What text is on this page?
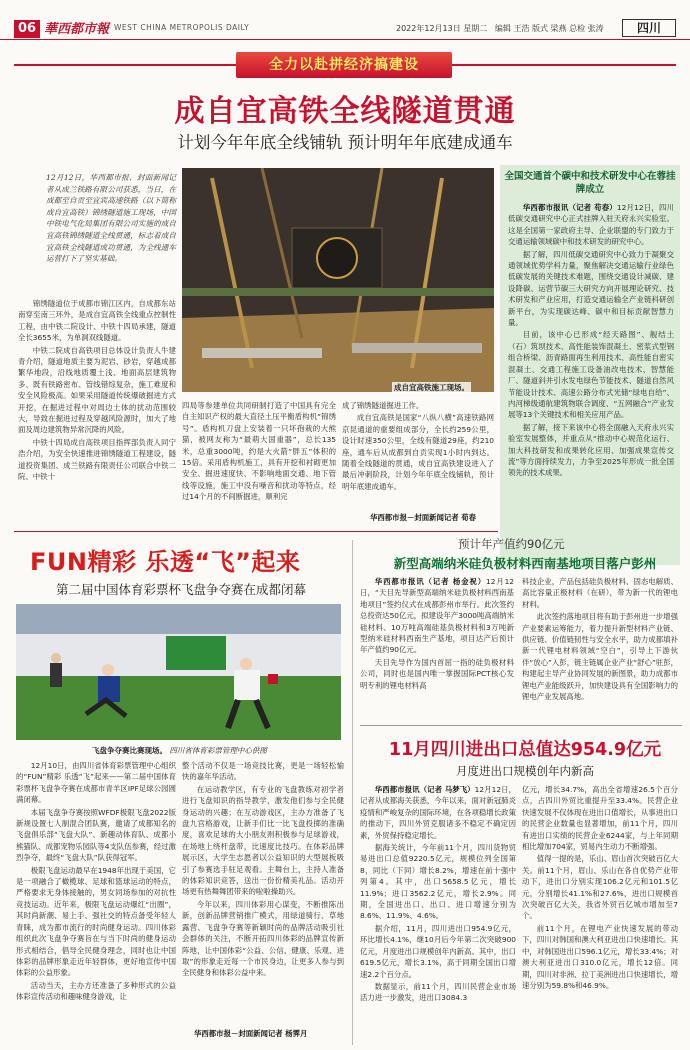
06 華西都市報 WEST CHINA METROPOLIS DAILY	2022年12月13日 星期二 编辑 王浩 版式 梁燕 总检 张涛	四川
全力以赴拼经济搞建设
成自宜高铁全线隧道贯通
计划今年年底全线铺轨 预计明年年底建成通车
12月12日，华西都市报、封面新闻记者从成兰铁路有限公司获悉，当日，在成都至自贡至宜宾高速铁路（以下简称成自宜高铁）锦绣隧道施工现场，中国中铁电气化局集团有限公司实施的成自宜高铁锦绣隧道全线贯通，标志着成自宜高铁全线隧道成功贯通，为全线通车运营打下了坚实基础。

锦绣隧道位于成都市锦江区内，自成都东站南穿至南三环外，是成自宜高铁全线重点控制性工程，由中铁二院设计、中铁十四局承建，隧道全长3655米，为单洞双线隧道。

中铁二院成自高铁项目总体设计负责人牛建青介绍，隧道地质主要为泥岩、砂岩，穿越成都繁华地段，沿线地质覆土浅、地面高层建筑物多、既有铁路密布、管线错综复杂，施工难度和安全风险极高。如果采用隧道传统爆破掘进方式开挖，在掘进过程中对周边土体的扰动范围较大，导致在掘进过程及穿越风险源时，加大了地面及周边建筑物异常沉降的风险。

中铁十四局成自高铁项目指挥部负责人同宁浩介绍，为安全快速推进锦绣隧道工程建设，隧道投资集团、成兰铁路有限责任公司联合中铁二院、中铁十

成自宜高铁施工现场。

四局等参建单位共同研制打造了中国具有完全自主知识产权的最大直径土压平衡盾构机“锦绣号”。盾构机刀盘上安装着一只坏孢栽的大熊猫，被网友称为“最萌大国重器”，总长135米，总重3000吨，约是大火箭“胖五”体积的15倍。采用盾构机施工，具有开挖和衬砌更加安全、掘进速度快、不影响地面交通、地下管线等设施，施工中没有噪音和扰动等特点，经过14个月的不间断掘进，顺利完

成了锦绣隧道掘进工作。

成自宜高铁是国家“八纵八横”高速铁路网京昆通道的重要组成部分，全长约259公里，设计时速350公里，全线有隧道29座，约210座，通车后从成都到自贡实现1小时内到达。随着全线隧道的贯通，成自宜高铁建设进入了最后冲刺阶段，计划今年年底全线铺轨，预计明年底建成通车。

华西都市报－封面新闻记者 荀春
全国交通首个碳中和技术研发中心在蓉挂牌成立

华西都市报讯（记者 苟春）12月12日，四川低碳交通研究中心正式挂牌入驻天府永兴实验室。这是全国第一家政府主导、企业联盟的专门致力于交通运输领域碳中和技术研发的研究中心。

据了解，四川低碳交通研究中心致力于凝聚交通领域优势学科力量，聚焦解决交通运输行业绿色低碳发展的关键技术难题，围绕交通设计减碳、建设降碳、运营节碳三大研究方向开展理论研究、技术研发和产业应用，打造交通运输全产业链科研创新平台，为实现碳达峰、碳中和目标贡献智慧力量。

目前，该中心已形成“经天路图”、舰结土（石）筑坝技术、高性能装饰混凝土、密浆式型钢组合桥梁、沥青路面再生利用技术、高性能自密实混凝土、交通工程施工设备油改电技术、智慧能厂、隧道斜井引水发电绿色节能技术、隧道自然风节能设计技术、高速公路分布式光储“绿电自给”、内河梯级通航建筑物联合调度、“五网融合”产业发展等13个关键技术和相关应用产品。

据了解，接下来该中心将全面融入天府永兴实验室发展整体，并重点从“推动中心规范化运行、加大科技研发和成果转化应用、加强成果宣传交流”等方面持续发力，力争至2025年形成一批全国领先的技术成果。

FUN精彩 乐透“飞”起来
第二届中国体育彩票杯飞盘争夺赛在成都闭幕
飞盘争夺赛比赛现场。 四川省体育彩票管理中心供图

12月10日，由四川省体育彩票管理中心组织的“FUN”精彩 乐透“飞”起来——第二届中国体育彩票杯飞盘争夺赛在成都市青羊区IPF足球公园圆满闭幕。

本届飞盘争夺赛按照WFDF极限飞盘2022版新规设置七人制混合团队赛，邀请了成都知名的飞盘俱乐部“飞盘大队”、新趣动体育队、成都小熊猫队、成都宠物乐园队等4支队伍参赛，经过激烈争夺，最终“飞盘大队”队获得冠军。

极限飞盘运动最早在1948年出现于美国，它是一项融合了橄榄球、足球和篮球运动的特点，严格要求无身体接触的，男女同场参加的对抗性竞技运动。近年来，极限飞盘运动爆红“出圈”，其时尚新潮、易上手、强社交的特点备受年轻人青睐，成为都市流行的时尚健身运动。四川体彩组织此次飞盘争夺赛旨在与当下时尚的健身运动形式相结合，倡导全民健身理念，同时也让中国体彩的品牌形象走近年轻群体，更好地宣传中国体彩的公益形象。

活动当天，主办方还准备了多种形式的公益体彩宣传活动和趣味健身游戏，让

整个活动不仅是一场竞技比赛，更是一场轻松愉快的嘉年华活动。

在运动教学区，有专业的飞盘教练对初学者进行飞盘知识的指导教学，激发他们参与全民健身运动的兴趣；在互动游戏区，主办方准备了飞盘九宫格游戏，让新手们比一比飞盘投掷的准确度，喜欢足球的大小朋友则积极参与足球游戏，在场地上绕杆盘带，比速度比技巧。在体彩品牌展示区，大学生志愿者以公益知识的大型展板吸引了参赛选手驻足观看。主舞台上，主持人准备的体彩知识竞答，送出一份份精美礼品。活动开场更有热舞舞团带来的啦啦操助兴。

今年以来，四川体彩用心谋变，不断推陈出新，创新品牌营销推广模式，用绿道骑行、草地露营、飞盘争夺赛等新颖时尚的品牌活动吸引社会群体的关注，不断开拓四川体彩的品牌宣传新阵地，让中国体彩“公益、公信、健康、乐观、进取”的形象走近每一个市民身边，让更多人参与到全民健身和体彩公益中来。

华西都市报－封面新闻记者 杨霁月
预计年产值约90亿元
新型高端纳米硅负极材料西南基地项目落户彭州

华西都市报讯（记者 杨金祝）12月12日，“天目先导新型高端纳米硅负极材料西南基地项目”签约仪式在成都彭州市举行。此次签约总投资达50亿元，拟建设年产3000吨高端纳米硅材料、10万吨高端硅基负极材料和3万吨新型纳米硅材料西南生产基地，项目达产后预计年产值约90亿元。

天目先导作为国内首屈一指的硅负极材料公司，同时也是国内唯一掌握国际PCT核心发明专利的锂电材料高

科技企业，产品包括硅负极材料、固态电解质、高比容量正极材料（在研），带为新一代的锂电材料。

此次签约落地项目将有助于彭州进一步增强产业要素运筹能力，着力提升新型材料产业链、供应链、价值链韧性与安全水平，助力成都填补新一代锂电材料领域“空白”，引导上下游伙伴“放心”入彭，链主链属企业产业“舒心”驻彭，构建起主导产业协同发展的新图景，助力成都市锂电产业能级跃升，加快建设具有全国影响力的锂电产业发展高地。

11月四川进出口总值达954.9亿元
月度进出口规模创年内新高

华西都市报讯（记者 马梦飞）12月12日，记者从成都海关获悉，今年以来，面对新冠肺炎疫情和严峻复杂的国际环境，在各项稳增长政策的推动下，四川外贸克服诸多不稳定不确定因素，外贸保持稳定增长。

据海关统计，今年前11个月，四川货物贸易进出口总值9220.5亿元，规模位列全国第8，同比（下同）增长8.2%，增速在前十强中列第4。其中，出口5658.5亿元，增长11.9%；进口3562.2亿元，增长2.9%。同期，全国进出口、出口、进口增速分别为8.6%、11.9%、4.6%。

据介绍，11月，四川进出口954.9亿元，环比增长4.1%，继10月后今年第二次突破900亿元，月度进出口规模创年内新高。其中，出口619.5亿元，增长3.1%，高于同期全国出口增速2.2个百分点。

数据显示，前11个月，四川民营企业市场活力进一步激发，进出口3084.3

亿元，增长34.7%，高出全省增速26.5个百分点，占四川外贸比重提升至33.4%。民营企业快速发展不仅体现在进出口值增长，从事进出口的民营企业数量也显著增加，前11个月，四川有进出口实绩的民营企业6244家，与上年同期相比增加704家，贸易内生动力不断增强。

值得一提的是，乐山、眉山首次突破百亿大关。前11个月，眉山、乐山在各自优势产业带动下，进出口分别实现106.2亿元和101.5亿元，分别增长41.1%和27.6%，进出口规模首次突破百亿大关，我省外贸百亿城市增加至7个。

前11个月，在锂电产业快速发展的带动下，四川对韩国和澳大利亚进出口快速增长。其中，对韩国进出口596.1亿元，增长33.4%；对澳大利亚进出口310.0亿元，增长12倍。同期，四川对非洲、拉丁美洲进出口快速增长，增速分别为59.8%和46.9%。
